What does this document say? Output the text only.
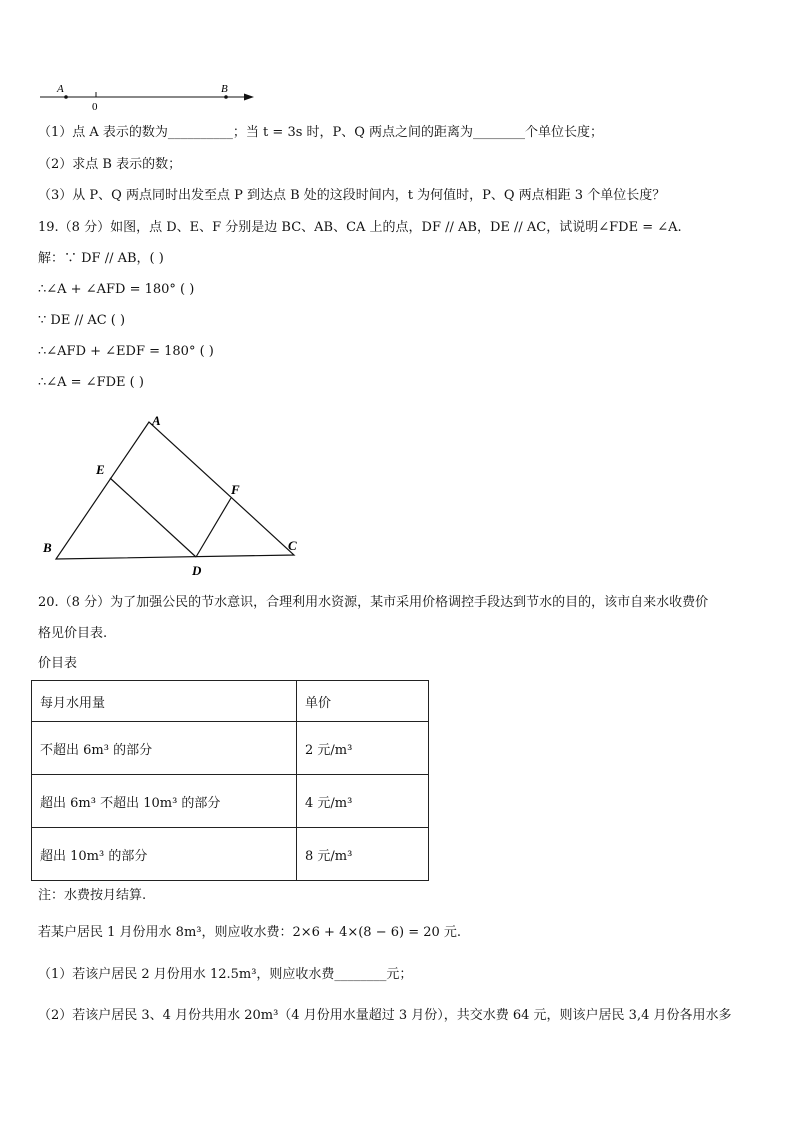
A
0
B
（1）点 A 表示的数为__________；当 t = 3s 时，P、Q 两点之间的距离为________个单位长度；
（2）求点 B 表示的数；
（3）从 P、Q 两点同时出发至点 P 到达点 B 处的这段时间内，t 为何值时，P、Q 两点相距 3 个单位长度？
19.（8 分）如图，点 D、E、F 分别是边 BC、AB、CA 上的点，DF // AB，DE // AC，试说明∠FDE = ∠A.
解：∵ DF // AB，( )
∴∠A + ∠AFD = 180° ( )
∵ DE // AC ( )
∴∠AFD + ∠EDF = 180° ( )
∴∠A = ∠FDE ( )
A
E
F
B	C
D
20.（8 分）为了加强公民的节水意识，合理利用水资源，某市采用价格调控手段达到节水的目的，该市自来水收费价
格见价目表.
价目表
每月水用量	单价
不超出 6m³ 的部分	2 元/m³
超出 6m³ 不超出 10m³ 的部分	4 元/m³
超出 10m³ 的部分	8 元/m³
注：水费按月结算.
若某户居民 1 月份用水 8m³，则应收水费：2×6 + 4×(8 − 6) = 20 元.
（1）若该户居民 2 月份用水 12.5m³，则应收水费________元；
（2）若该户居民 3、4 月份共用水 20m³（4 月份用水量超过 3 月份），共交水费 64 元，则该户居民 3,4 月份各用水多
